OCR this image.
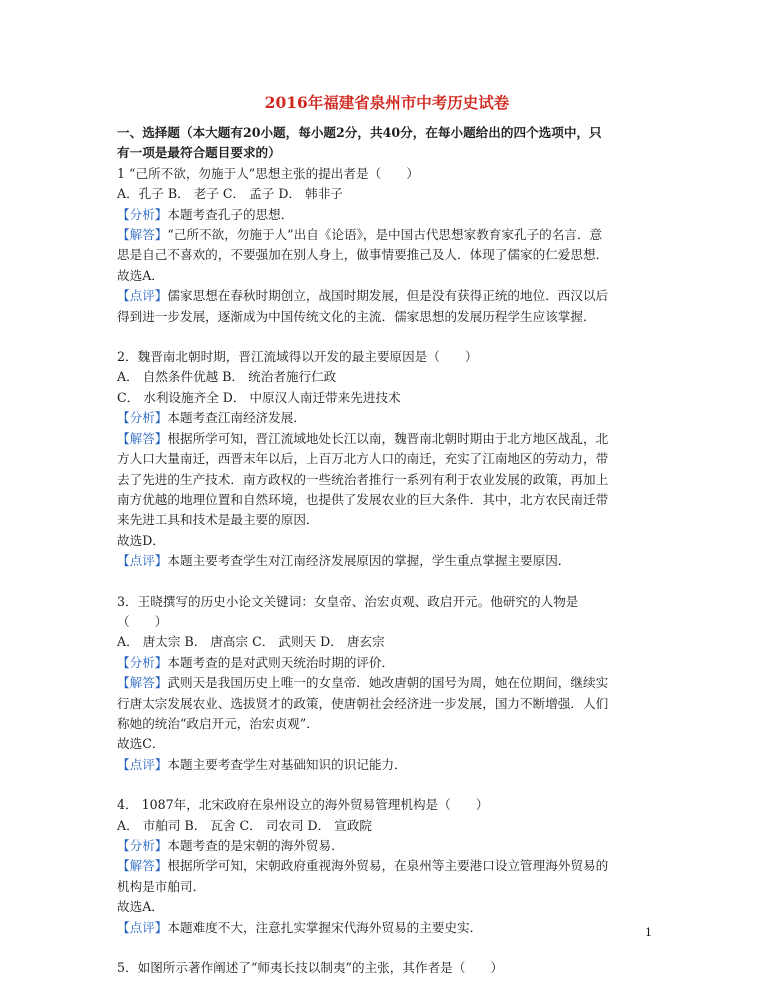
2016年福建省泉州市中考历史试卷
一、选择题（本大题有20小题，每小题2分，共40分，在每小题给出的四个选项中，只
有一项是最符合题目要求的）
1 “己所不欲，勿施于人”思想主张的提出者是（　　）
A．孔子 B． 老子 C． 孟子 D． 韩非子
【分析】本题考查孔子的思想．
【解答】“己所不欲，勿施于人”出自《论语》，是中国古代思想家教育家孔子的名言．意
思是自己不喜欢的，不要强加在别人身上，做事情要推己及人．体现了儒家的仁爱思想．
故选A．
【点评】儒家思想在春秋时期创立，战国时期发展，但是没有获得正统的地位．西汉以后
得到进一步发展，逐渐成为中国传统文化的主流．儒家思想的发展历程学生应该掌握．
2．魏晋南北朝时期，晋江流域得以开发的最主要原因是（　　）
A． 自然条件优越 B． 统治者施行仁政
C． 水利设施齐全 D． 中原汉人南迁带来先进技术
【分析】本题考查江南经济发展．
【解答】根据所学可知，晋江流域地处长江以南，魏晋南北朝时期由于北方地区战乱，北
方人口大量南迁，西晋末年以后，上百万北方人口的南迁，充实了江南地区的劳动力，带
去了先进的生产技术．南方政权的一些统治者推行一系列有利于农业发展的政策，再加上
南方优越的地理位置和自然环境，也提供了发展农业的巨大条件．其中，北方农民南迁带
来先进工具和技术是最主要的原因．
故选D．
【点评】本题主要考查学生对江南经济发展原因的掌握，学生重点掌握主要原因．
3．王晓撰写的历史小论文关键词：女皇帝、治宏贞观、政启开元。他研究的人物是
（　　）
A． 唐太宗 B． 唐高宗 C． 武则天 D． 唐玄宗
【分析】本题考查的是对武则天统治时期的评价．
【解答】武则天是我国历史上唯一的女皇帝．她改唐朝的国号为周，她在位期间，继续实
行唐太宗发展农业、选拔贤才的政策，使唐朝社会经济进一步发展，国力不断增强．人们
称她的统治“政启开元，治宏贞观”．
故选C．
【点评】本题主要考查学生对基础知识的识记能力．
4． 1087年，北宋政府在泉州设立的海外贸易管理机构是（　　）
A． 市舶司 B． 瓦舍 C． 司农司 D． 宣政院
【分析】本题考查的是宋朝的海外贸易．
【解答】根据所学可知，宋朝政府重视海外贸易，在泉州等主要港口设立管理海外贸易的
机构是市舶司．
故选A．
【点评】本题难度不大，注意扎实掌握宋代海外贸易的主要史实．
5．如图所示著作阐述了“师夷长技以制夷”的主张，其作者是（　　）
1
